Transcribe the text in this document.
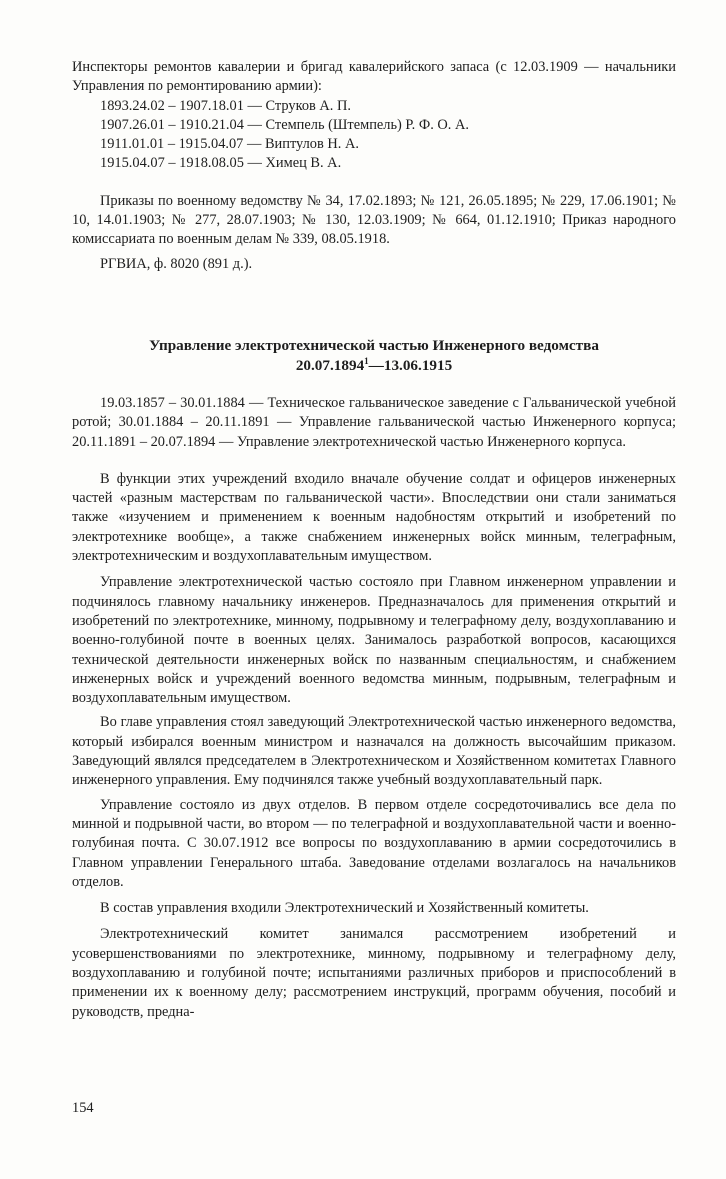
Инспекторы ремонтов кавалерии и бригад кавалерийского запаса (с 12.03.1909 — начальники Управления по ремонтированию армии):

1893.24.02 – 1907.18.01 — Струков А. П.
1907.26.01 – 1910.21.04 — Стемпель (Штемпель) Р. Ф. О. А.
1911.01.01 – 1915.04.07 — Виптулов Н. А.
1915.04.07 – 1918.08.05 — Химец В. А.

Приказы по военному ведомству № 34, 17.02.1893; № 121, 26.05.1895; № 229, 17.06.1901; № 10, 14.01.1903; № 277, 28.07.1903; № 130, 12.03.1909; № 664, 01.12.1910; Приказ народного комиссариата по военным делам № 339, 08.05.1918.

РГВИА, ф. 8020 (891 д.).

Управление электротехнической частью Инженерного ведомства
20.07.1894$^1$—13.06.1915

19.03.1857 – 30.01.1884 — Техническое гальваническое заведение с Гальванической учебной ротой; 30.01.1884 – 20.11.1891 — Управление гальванической частью Инженерного корпуса; 20.11.1891 – 20.07.1894 — Управление электротехнической частью Инженерного корпуса.

В функции этих учреждений входило вначале обучение солдат и офицеров инженерных частей «разным мастерствам по гальванической части». Впоследствии они стали заниматься также «изучением и применением к военным надобностям открытий и изобретений по электротехнике вообще», а также снабжением инженерных войск минным, телеграфным, электротехническим и воздухоплавательным имуществом.

Управление электротехнической частью состояло при Главном инженерном управлении и подчинялось главному начальнику инженеров. Предназначалось для применения открытий и изобретений по электротехнике, минному, подрывному и телеграфному делу, воздухоплаванию и военно-голубиной почте в военных целях. Занималось разработкой вопросов, касающихся технической деятельности инженерных войск по названным специальностям, и снабжением инженерных войск и учреждений военного ведомства минным, подрывным, телеграфным и воздухоплавательным имуществом.

Во главе управления стоял заведующий Электротехнической частью инженерного ведомства, который избирался военным министром и назначался на должность высочайшим приказом. Заведующий являлся председателем в Электротехническом и Хозяйственном комитетах Главного инженерного управления. Ему подчинялся также учебный воздухоплавательный парк.

Управление состояло из двух отделов. В первом отделе сосредоточивались все дела по минной и подрывной части, во втором — по телеграфной и воздухоплавательной части и военно-голубиная почта. С 30.07.1912 все вопросы по воздухоплаванию в армии сосредоточились в Главном управлении Генерального штаба. Заведование отделами возлагалось на начальников отделов.

В состав управления входили Электротехнический и Хозяйственный комитеты.

Электротехнический комитет занимался рассмотрением изобретений и усовершенствованиями по электротехнике, минному, подрывному и телеграфному делу, воздухоплаванию и голубиной почте; испытаниями различных приборов и приспособлений в применении их к военному делу; рассмотрением инструкций, программ обучения, пособий и руководств, предна-

154
